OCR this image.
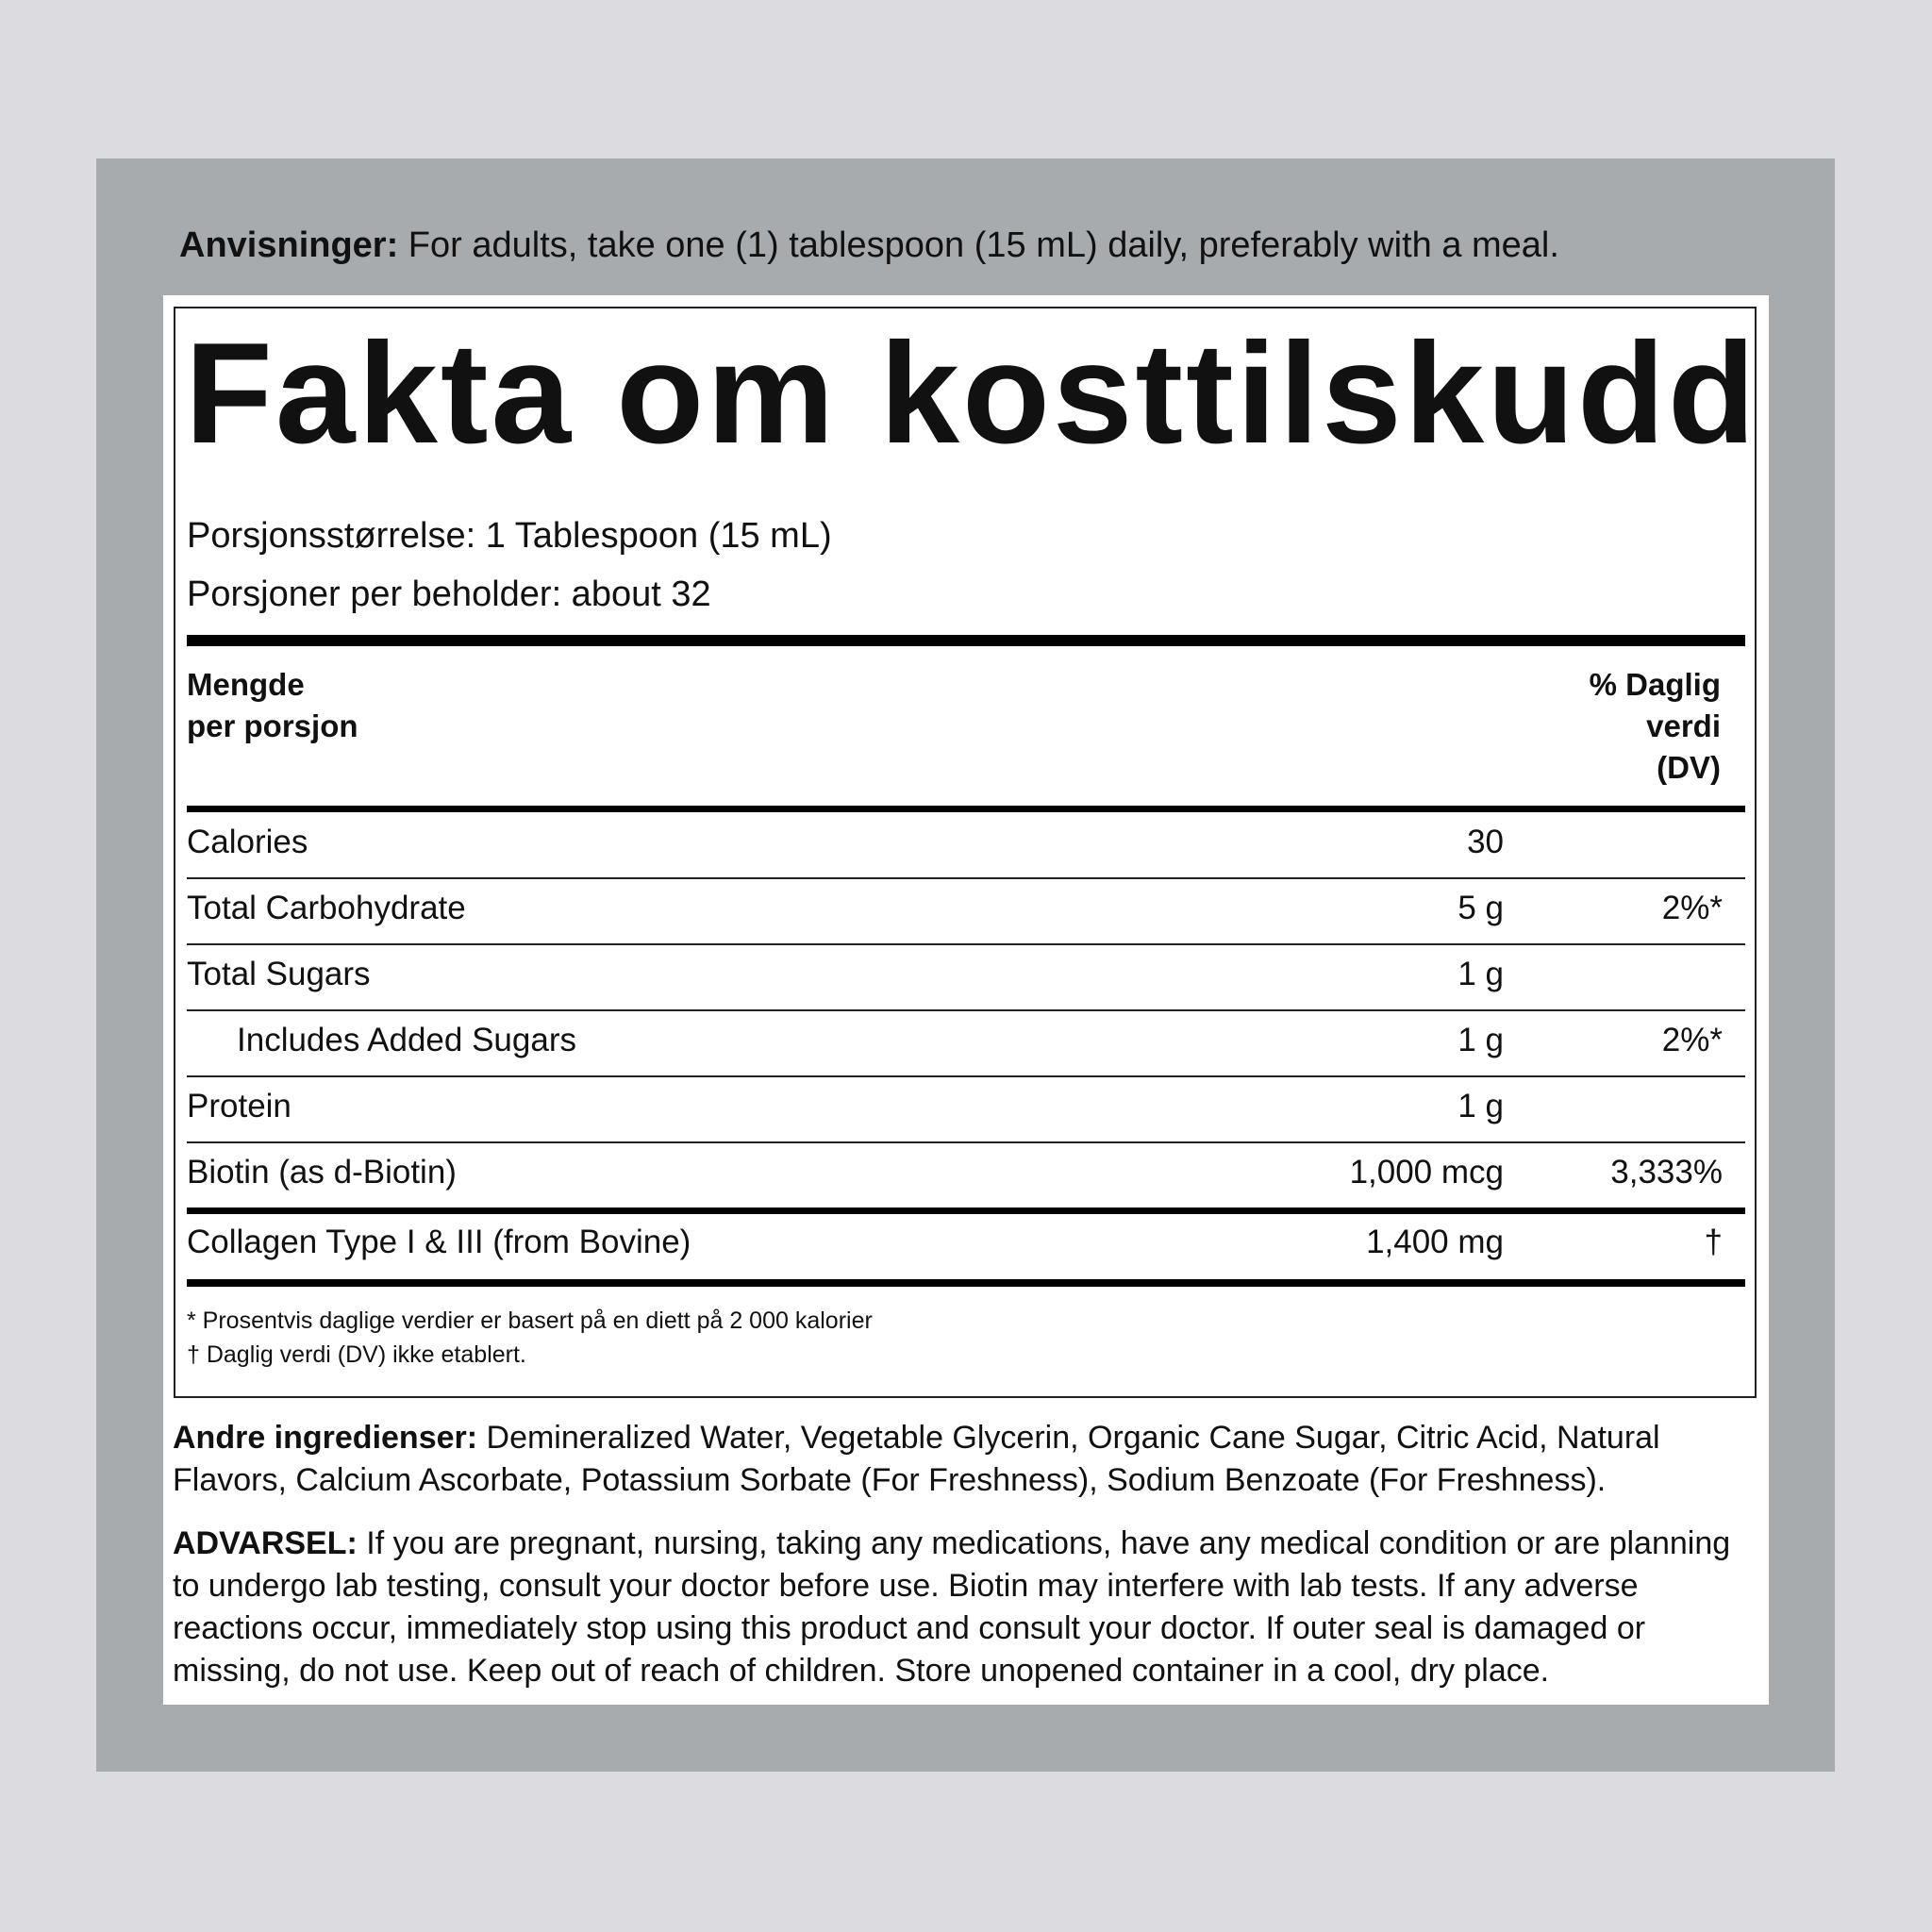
Anvisninger: For adults, take one (1) tablespoon (15 mL) daily, preferably with a meal.
Fakta om kosttilskudd
Porsjonsstørrelse: 1 Tablespoon (15 mL)
Porsjoner per beholder: about 32
Mengde
per porsjon
% Daglig
verdi
(DV)
Calories	30
Total Carbohydrate	5 g	2%*
Total Sugars	1 g
Includes Added Sugars	1 g	2%*
Protein	1 g
Biotin (as d-Biotin)	1,000 mcg	3,333%
Collagen Type I & III (from Bovine)	1,400 mg	†
* Prosentvis daglige verdier er basert på en diett på 2 000 kalorier
† Daglig verdi (DV) ikke etablert.
Andre ingredienser: Demineralized Water, Vegetable Glycerin, Organic Cane Sugar, Citric Acid, Natural Flavors, Calcium Ascorbate, Potassium Sorbate (For Freshness), Sodium Benzoate (For Freshness).
ADVARSEL: If you are pregnant, nursing, taking any medications, have any medical condition or are planning to undergo lab testing, consult your doctor before use. Biotin may interfere with lab tests. If any adverse reactions occur, immediately stop using this product and consult your doctor. If outer seal is damaged or missing, do not use. Keep out of reach of children. Store unopened container in a cool, dry place.
